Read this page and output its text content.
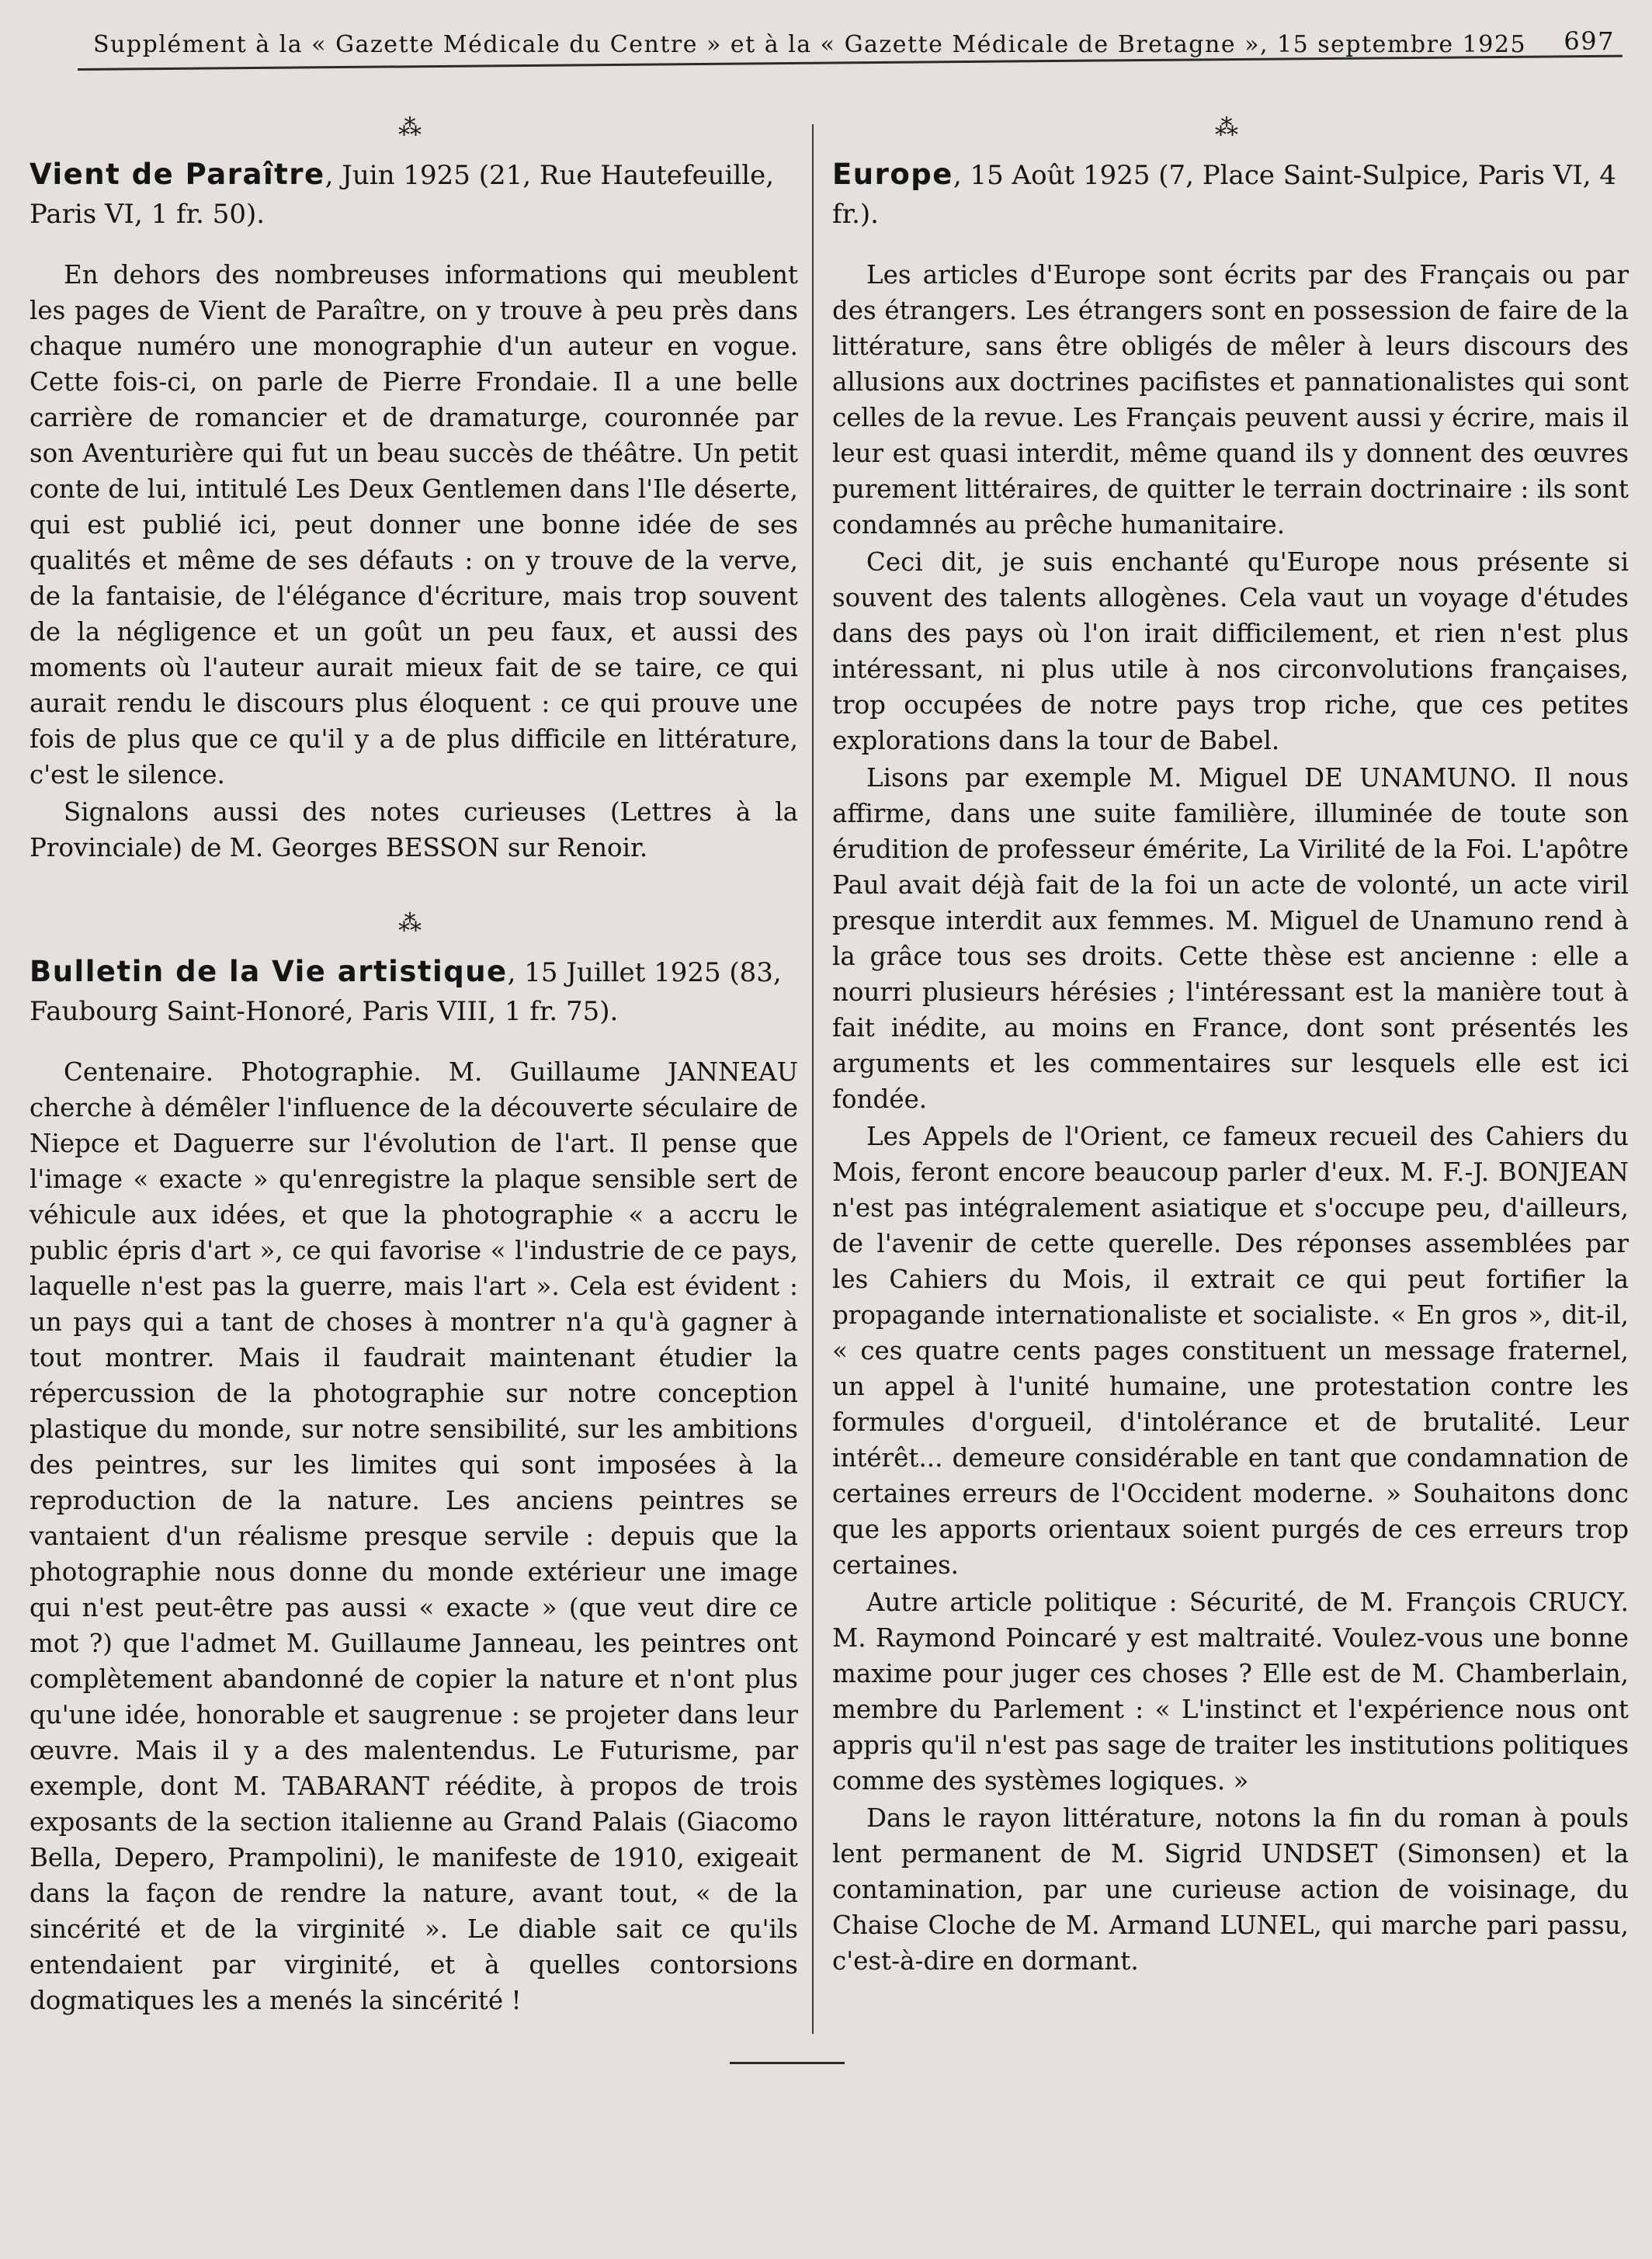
Supplément à la « Gazette Médicale du Centre » et à la « Gazette Médicale de Bretagne », 15 septembre 1925 697
⁂
Vient de Paraître, Juin 1925 (21, Rue Hautefeuille, Paris VI, 1 fr. 50).

En dehors des nombreuses informations qui meublent les pages de Vient de Paraître, on y trouve à peu près dans chaque numéro une monographie d'un auteur en vogue. Cette fois-ci, on parle de Pierre Frondaie. Il a une belle carrière de romancier et de dramaturge, couronnée par son Aventurière qui fut un beau succès de théâtre. Un petit conte de lui, intitulé Les Deux Gentlemen dans l'Ile déserte, qui est publié ici, peut donner une bonne idée de ses qualités et même de ses défauts : on y trouve de la verve, de la fantaisie, de l'élégance d'écriture, mais trop souvent de la négligence et un goût un peu faux, et aussi des moments où l'auteur aurait mieux fait de se taire, ce qui aurait rendu le discours plus éloquent : ce qui prouve une fois de plus que ce qu'il y a de plus difficile en littérature, c'est le silence.

Signalons aussi des notes curieuses (Lettres à la Provinciale) de M. Georges BESSON sur Renoir.

⁂
Bulletin de la Vie artistique, 15 Juillet 1925 (83, Faubourg Saint-Honoré, Paris VIII, 1 fr. 75).

Centenaire. Photographie. M. Guillaume JANNEAU cherche à démêler l'influence de la découverte séculaire de Niepce et Daguerre sur l'évolution de l'art. Il pense que l'image « exacte » qu'enregistre la plaque sensible sert de véhicule aux idées, et que la photographie « a accru le public épris d'art », ce qui favorise « l'industrie de ce pays, laquelle n'est pas la guerre, mais l'art ». Cela est évident : un pays qui a tant de choses à montrer n'a qu'à gagner à tout montrer. Mais il faudrait maintenant étudier la répercussion de la photographie sur notre conception plastique du monde, sur notre sensibilité, sur les ambitions des peintres, sur les limites qui sont imposées à la reproduction de la nature. Les anciens peintres se vantaient d'un réalisme presque servile : depuis que la photographie nous donne du monde extérieur une image qui n'est peut-être pas aussi « exacte » (que veut dire ce mot ?) que l'admet M. Guillaume Janneau, les peintres ont complètement abandonné de copier la nature et n'ont plus qu'une idée, honorable et saugrenue : se projeter dans leur œuvre. Mais il y a des malentendus. Le Futurisme, par exemple, dont M. TABARANT réédite, à propos de trois exposants de la section italienne au Grand Palais (Giacomo Bella, Depero, Prampolini), le manifeste de 1910, exigeait dans la façon de rendre la nature, avant tout, « de la sincérité et de la virginité ». Le diable sait ce qu'ils entendaient par virginité, et à quelles contorsions dogmatiques les a menés la sincérité !

⁂
Europe, 15 Août 1925 (7, Place Saint-Sulpice, Paris VI, 4 fr.).

Les articles d'Europe sont écrits par des Français ou par des étrangers. Les étrangers sont en possession de faire de la littérature, sans être obligés de mêler à leurs discours des allusions aux doctrines pacifistes et pannationalistes qui sont celles de la revue. Les Français peuvent aussi y écrire, mais il leur est quasi interdit, même quand ils y donnent des œuvres purement littéraires, de quitter le terrain doctrinaire : ils sont condamnés au prêche humanitaire.

Ceci dit, je suis enchanté qu'Europe nous présente si souvent des talents allogènes. Cela vaut un voyage d'études dans des pays où l'on irait difficilement, et rien n'est plus intéressant, ni plus utile à nos circonvolutions françaises, trop occupées de notre pays trop riche, que ces petites explorations dans la tour de Babel.

Lisons par exemple M. Miguel DE UNAMUNO. Il nous affirme, dans une suite familière, illuminée de toute son érudition de professeur émérite, La Virilité de la Foi. L'apôtre Paul avait déjà fait de la foi un acte de volonté, un acte viril presque interdit aux femmes. M. Miguel de Unamuno rend à la grâce tous ses droits. Cette thèse est ancienne : elle a nourri plusieurs hérésies ; l'intéressant est la manière tout à fait inédite, au moins en France, dont sont présentés les arguments et les commentaires sur lesquels elle est ici fondée.

Les Appels de l'Orient, ce fameux recueil des Cahiers du Mois, feront encore beaucoup parler d'eux. M. F.-J. BONJEAN n'est pas intégralement asiatique et s'occupe peu, d'ailleurs, de l'avenir de cette querelle. Des réponses assemblées par les Cahiers du Mois, il extrait ce qui peut fortifier la propagande internationaliste et socialiste. « En gros », dit-il, « ces quatre cents pages constituent un message fraternel, un appel à l'unité humaine, une protestation contre les formules d'orgueil, d'intolérance et de brutalité. Leur intérêt... demeure considérable en tant que condamnation de certaines erreurs de l'Occident moderne. » Souhaitons donc que les apports orientaux soient purgés de ces erreurs trop certaines.

Autre article politique : Sécurité, de M. François CRUCY. M. Raymond Poincaré y est maltraité. Voulez-vous une bonne maxime pour juger ces choses ? Elle est de M. Chamberlain, membre du Parlement : « L'instinct et l'expérience nous ont appris qu'il n'est pas sage de traiter les institutions politiques comme des systèmes logiques. »

Dans le rayon littérature, notons la fin du roman à pouls lent permanent de M. Sigrid UNDSET (Simonsen) et la contamination, par une curieuse action de voisinage, du Chaise Cloche de M. Armand LUNEL, qui marche pari passu, c'est-à-dire en dormant.
